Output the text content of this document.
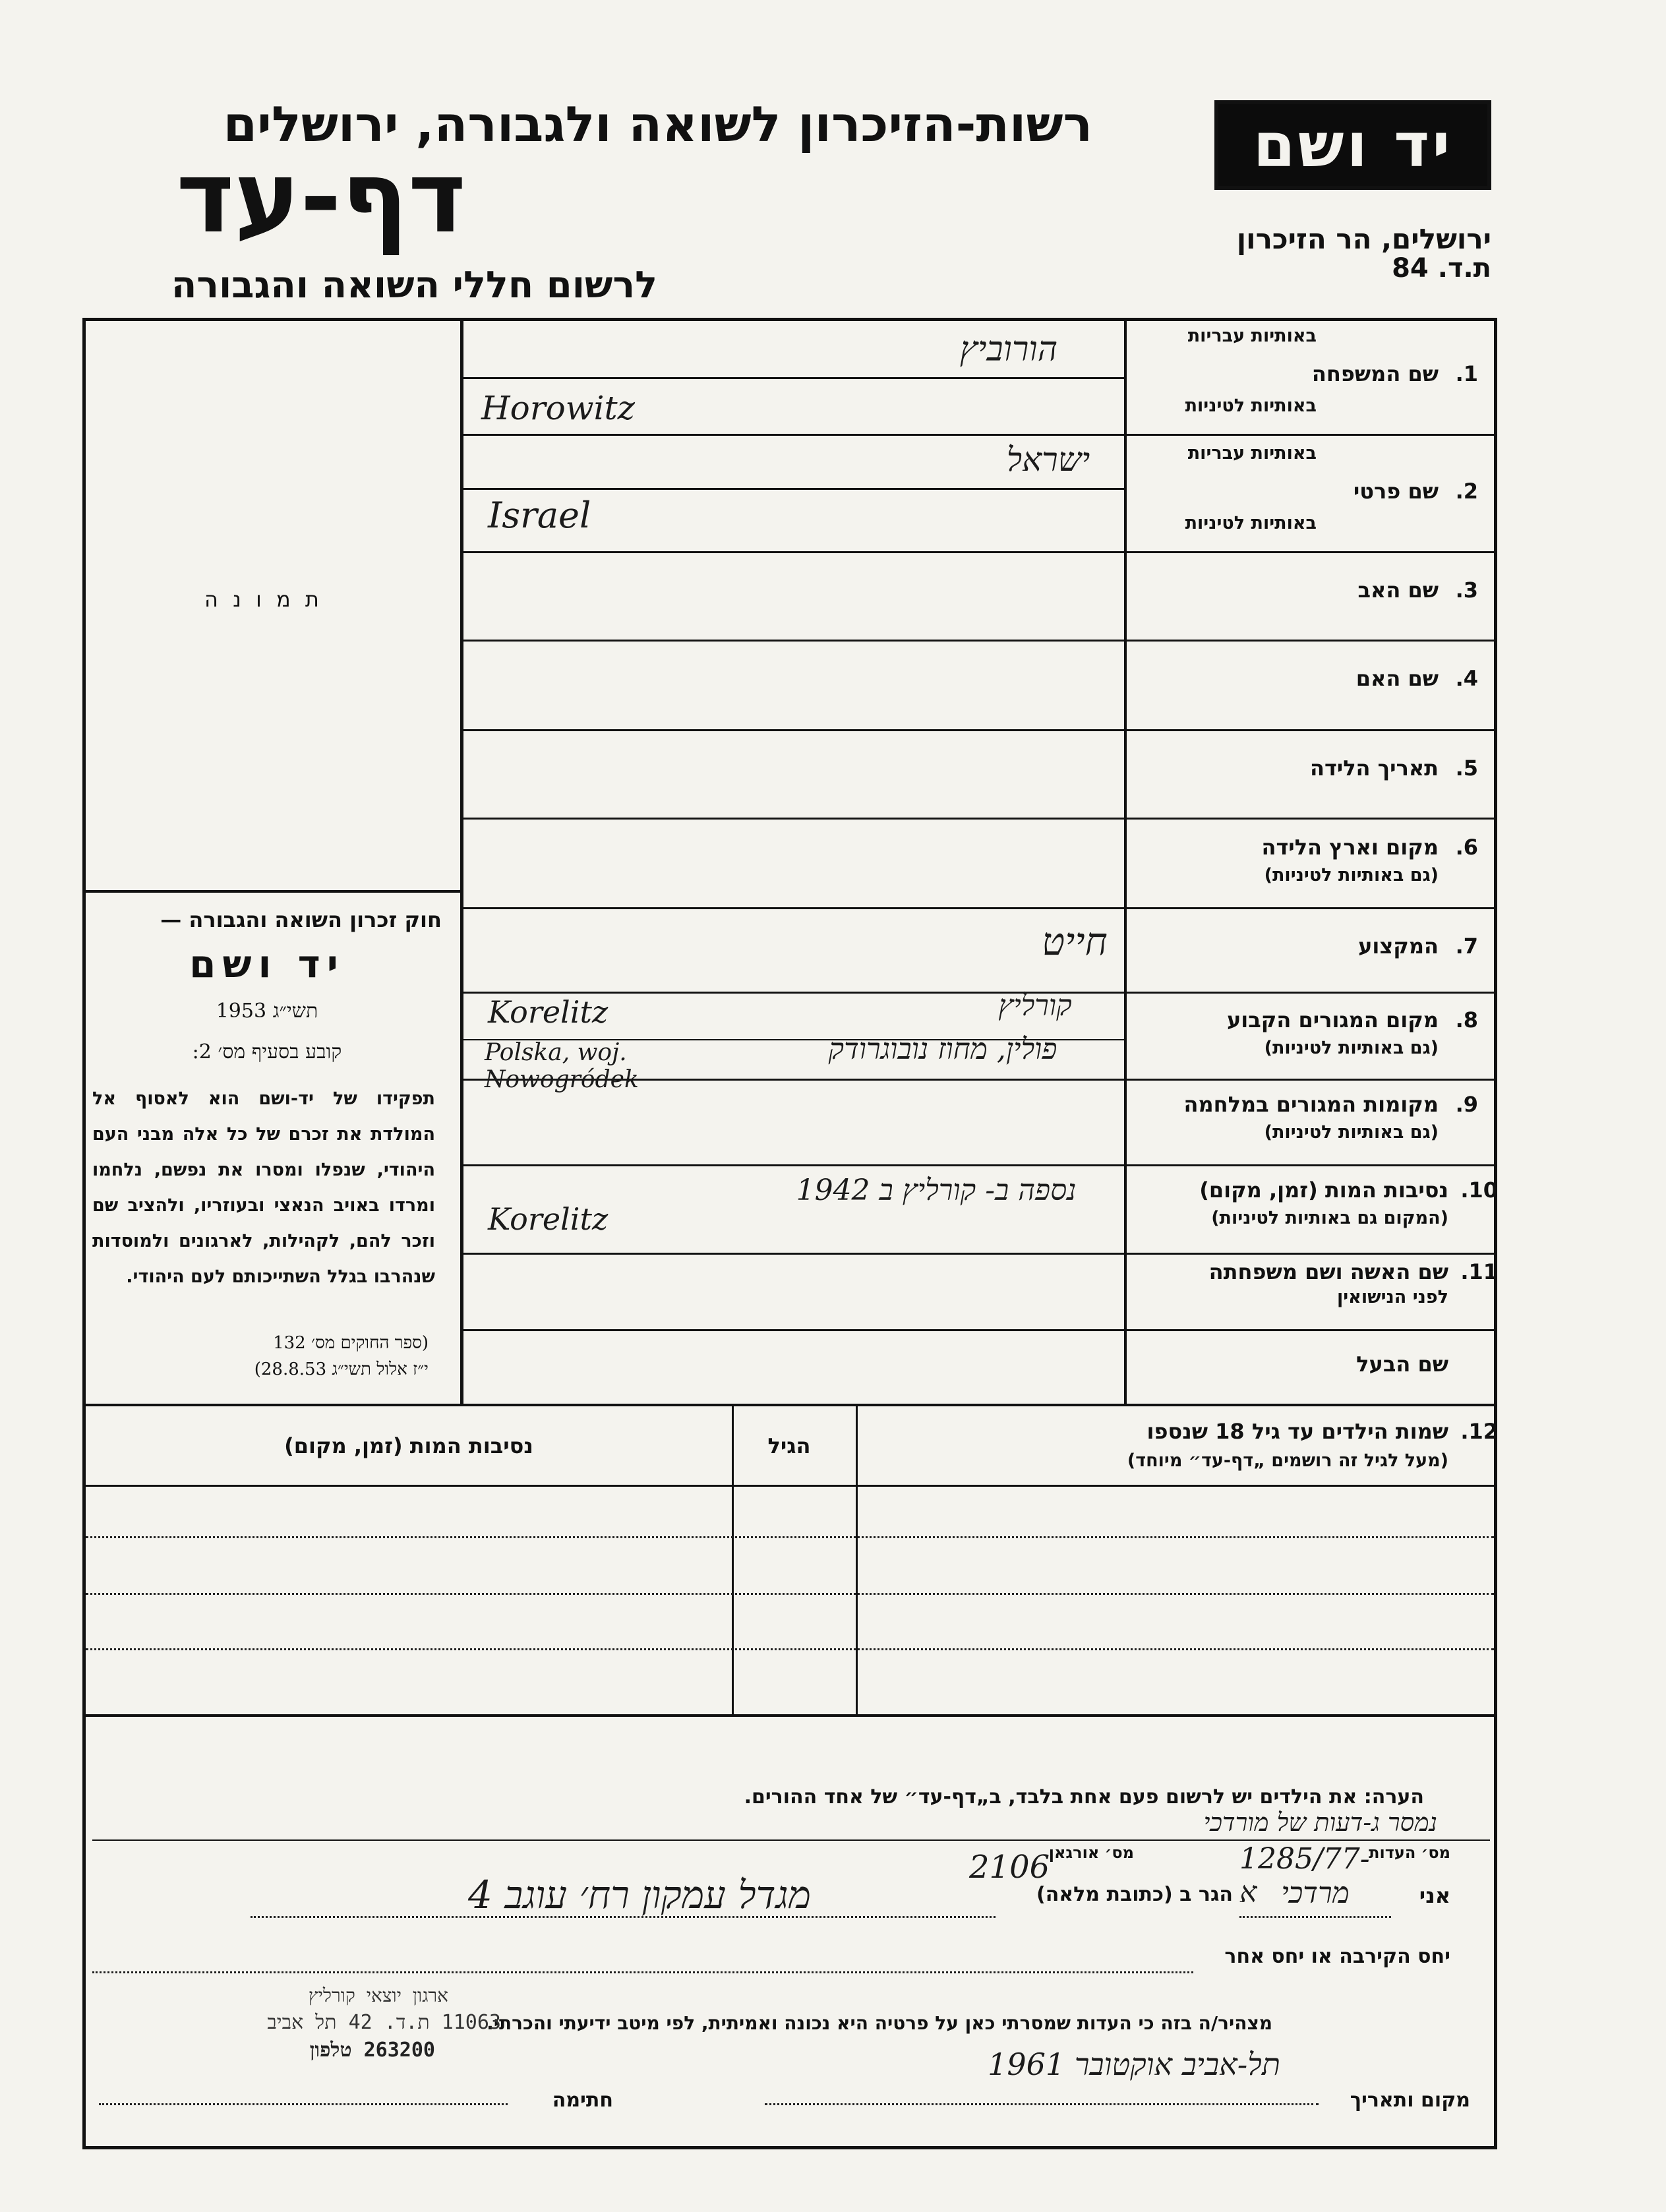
יד ושם
רשות-הזיכרון לשואה ולגבורה, ירושלים
דף-עד
לרשום חללי השואה והגבורה
ירושלים, הר הזיכרון
ת.ד. 84
ת מ ו נ ה
חוק זכרון השואה והגבורה —
יד ושם
תשי״ג 1953
קובע בסעיף מס׳ 2:
תפקידו של יד-ושם הוא לאסוף אל המולדת את זכרם של כל אלה מבני העם היהודי, שנפלו ומסרו את נפשם, נלחמו ומרדו באויב הנאצי ובעוזריו, ולהציב שם וזכר להם, לקהילות, לארגונים ולמוסדות שנהרבו בגלל השתייכותם לעם היהודי.
(ספר החוקים מס׳ 132
י״ז אלול תשי״ג 28.8.53)
באותיות עבריות
1.
שם המשפחה
באותיות לטיניות
באותיות עבריות
2.
שם פרטי
באותיות לטיניות
3.
שם האב
4.
שם האם
5.
תאריך הלידה
6.
מקום וארץ הלידה
(גם באותיות לטיניות)
7.
המקצוע
8.
מקום המגורים הקבוע
(גם באותיות לטיניות)
9.
מקומות המגורים במלחמה
(גם באותיות לטיניות)
10.
נסיבות המות (זמן, מקום)
(המקום גם באותיות לטיניות)
11.
שם האשה ושם משפחתה
לפני הנישואין
שם הבעל
הורוביץ
Horowitz
ישראל
Israel
חייט
Korelitz	קורליץ
Polska, woj. Nowogródek
פולין, מחוז נובוגרודק
נספה ב- קורליץ ב 1942
Korelitz
12.
שמות הילדים עד גיל 18 שנספו
(מעל לגיל זה רושמים „דף-עד״ מיוחד)
הגיל
נסיבות המות (זמן, מקום)
הערה: את הילדים יש לרשום פעם אחת בלבד, ב„דף-עד״ של אחד ההורים.
נמסר ג-דעות של מורדכי
מס׳ העדות
1285/77-א
מס׳ אורגאן
2106
אני
מרדכי
הגר ב (כתובת מלאה)
מגדל עמקון רח׳ עוגב 4
יחס הקירבה או יחס אחר
מצהיר/ה בזה כי העדות שמסרתי כאן על פרטיה היא נכונה ואמיתית, לפי מיטב ידיעתי והכרתי.
ארגון יוצאי קורליץ
11063 ת.ד. 42 תל אביב
263200 טלפון
מקום ותאריך
תל-אביב אוקטובר 1961
חתימה
